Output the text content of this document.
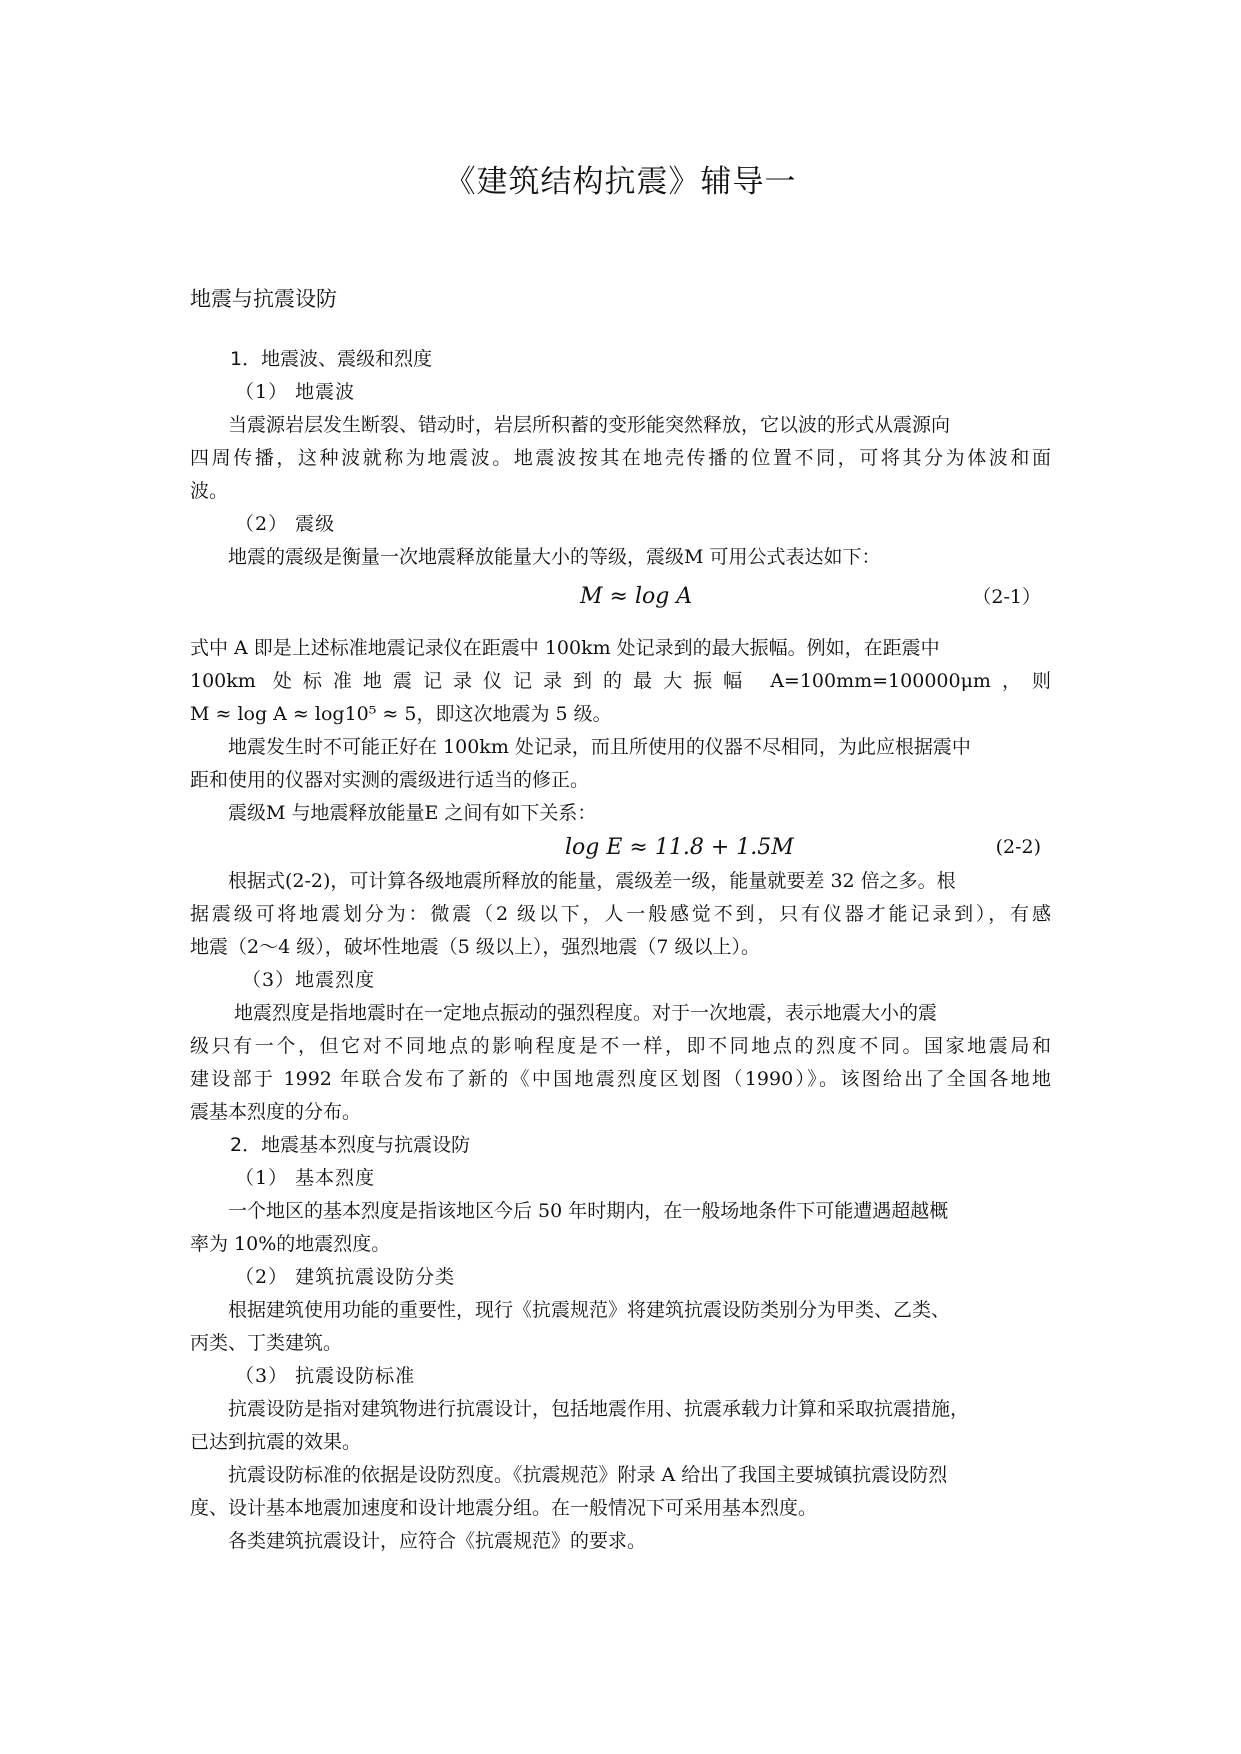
《建筑结构抗震》辅导一
地震与抗震设防
1．地震波、震级和烈度
（1） 地震波
当震源岩层发生断裂、错动时，岩层所积蓄的变形能突然释放，它以波的形式从震源向
四周传播，这种波就称为地震波。地震波按其在地壳传播的位置不同，可将其分为体波和面
波。
（2） 震级
地震的震级是衡量一次地震释放能量大小的等级，震级M 可用公式表达如下：
M ≈ log A	（2-1）
式中 A 即是上述标准地震记录仪在距震中 100km 处记录到的最大振幅。例如，在距震中
100km 处标准地震记录仪记录到的最大振幅 A=100mm=100000μm，则
M ≈ log A ≈ log10⁵ ≈ 5，即这次地震为 5 级。
地震发生时不可能正好在 100km 处记录，而且所使用的仪器不尽相同，为此应根据震中
距和使用的仪器对实测的震级进行适当的修正。
震级M 与地震释放能量E 之间有如下关系：
log E ≈ 11.8 + 1.5M	(2-2)
根据式(2-2)，可计算各级地震所释放的能量，震级差一级，能量就要差 32 倍之多。根
据震级可将地震划分为：微震（2 级以下，人一般感觉不到，只有仪器才能记录到），有感
地震（2～4 级），破坏性地震（5 级以上），强烈地震（7 级以上）。
（3）地震烈度
地震烈度是指地震时在一定地点振动的强烈程度。对于一次地震，表示地震大小的震
级只有一个，但它对不同地点的影响程度是不一样，即不同地点的烈度不同。国家地震局和
建设部于 1992 年联合发布了新的《中国地震烈度区划图（1990）》。该图给出了全国各地地
震基本烈度的分布。
2．地震基本烈度与抗震设防
（1） 基本烈度
一个地区的基本烈度是指该地区今后 50 年时期内，在一般场地条件下可能遭遇超越概
率为 10%的地震烈度。
（2） 建筑抗震设防分类
根据建筑使用功能的重要性，现行《抗震规范》将建筑抗震设防类别分为甲类、乙类、
丙类、丁类建筑。
（3） 抗震设防标准
抗震设防是指对建筑物进行抗震设计，包括地震作用、抗震承载力计算和采取抗震措施，
已达到抗震的效果。
抗震设防标准的依据是设防烈度。《抗震规范》附录 A 给出了我国主要城镇抗震设防烈
度、设计基本地震加速度和设计地震分组。在一般情况下可采用基本烈度。
各类建筑抗震设计，应符合《抗震规范》的要求。
